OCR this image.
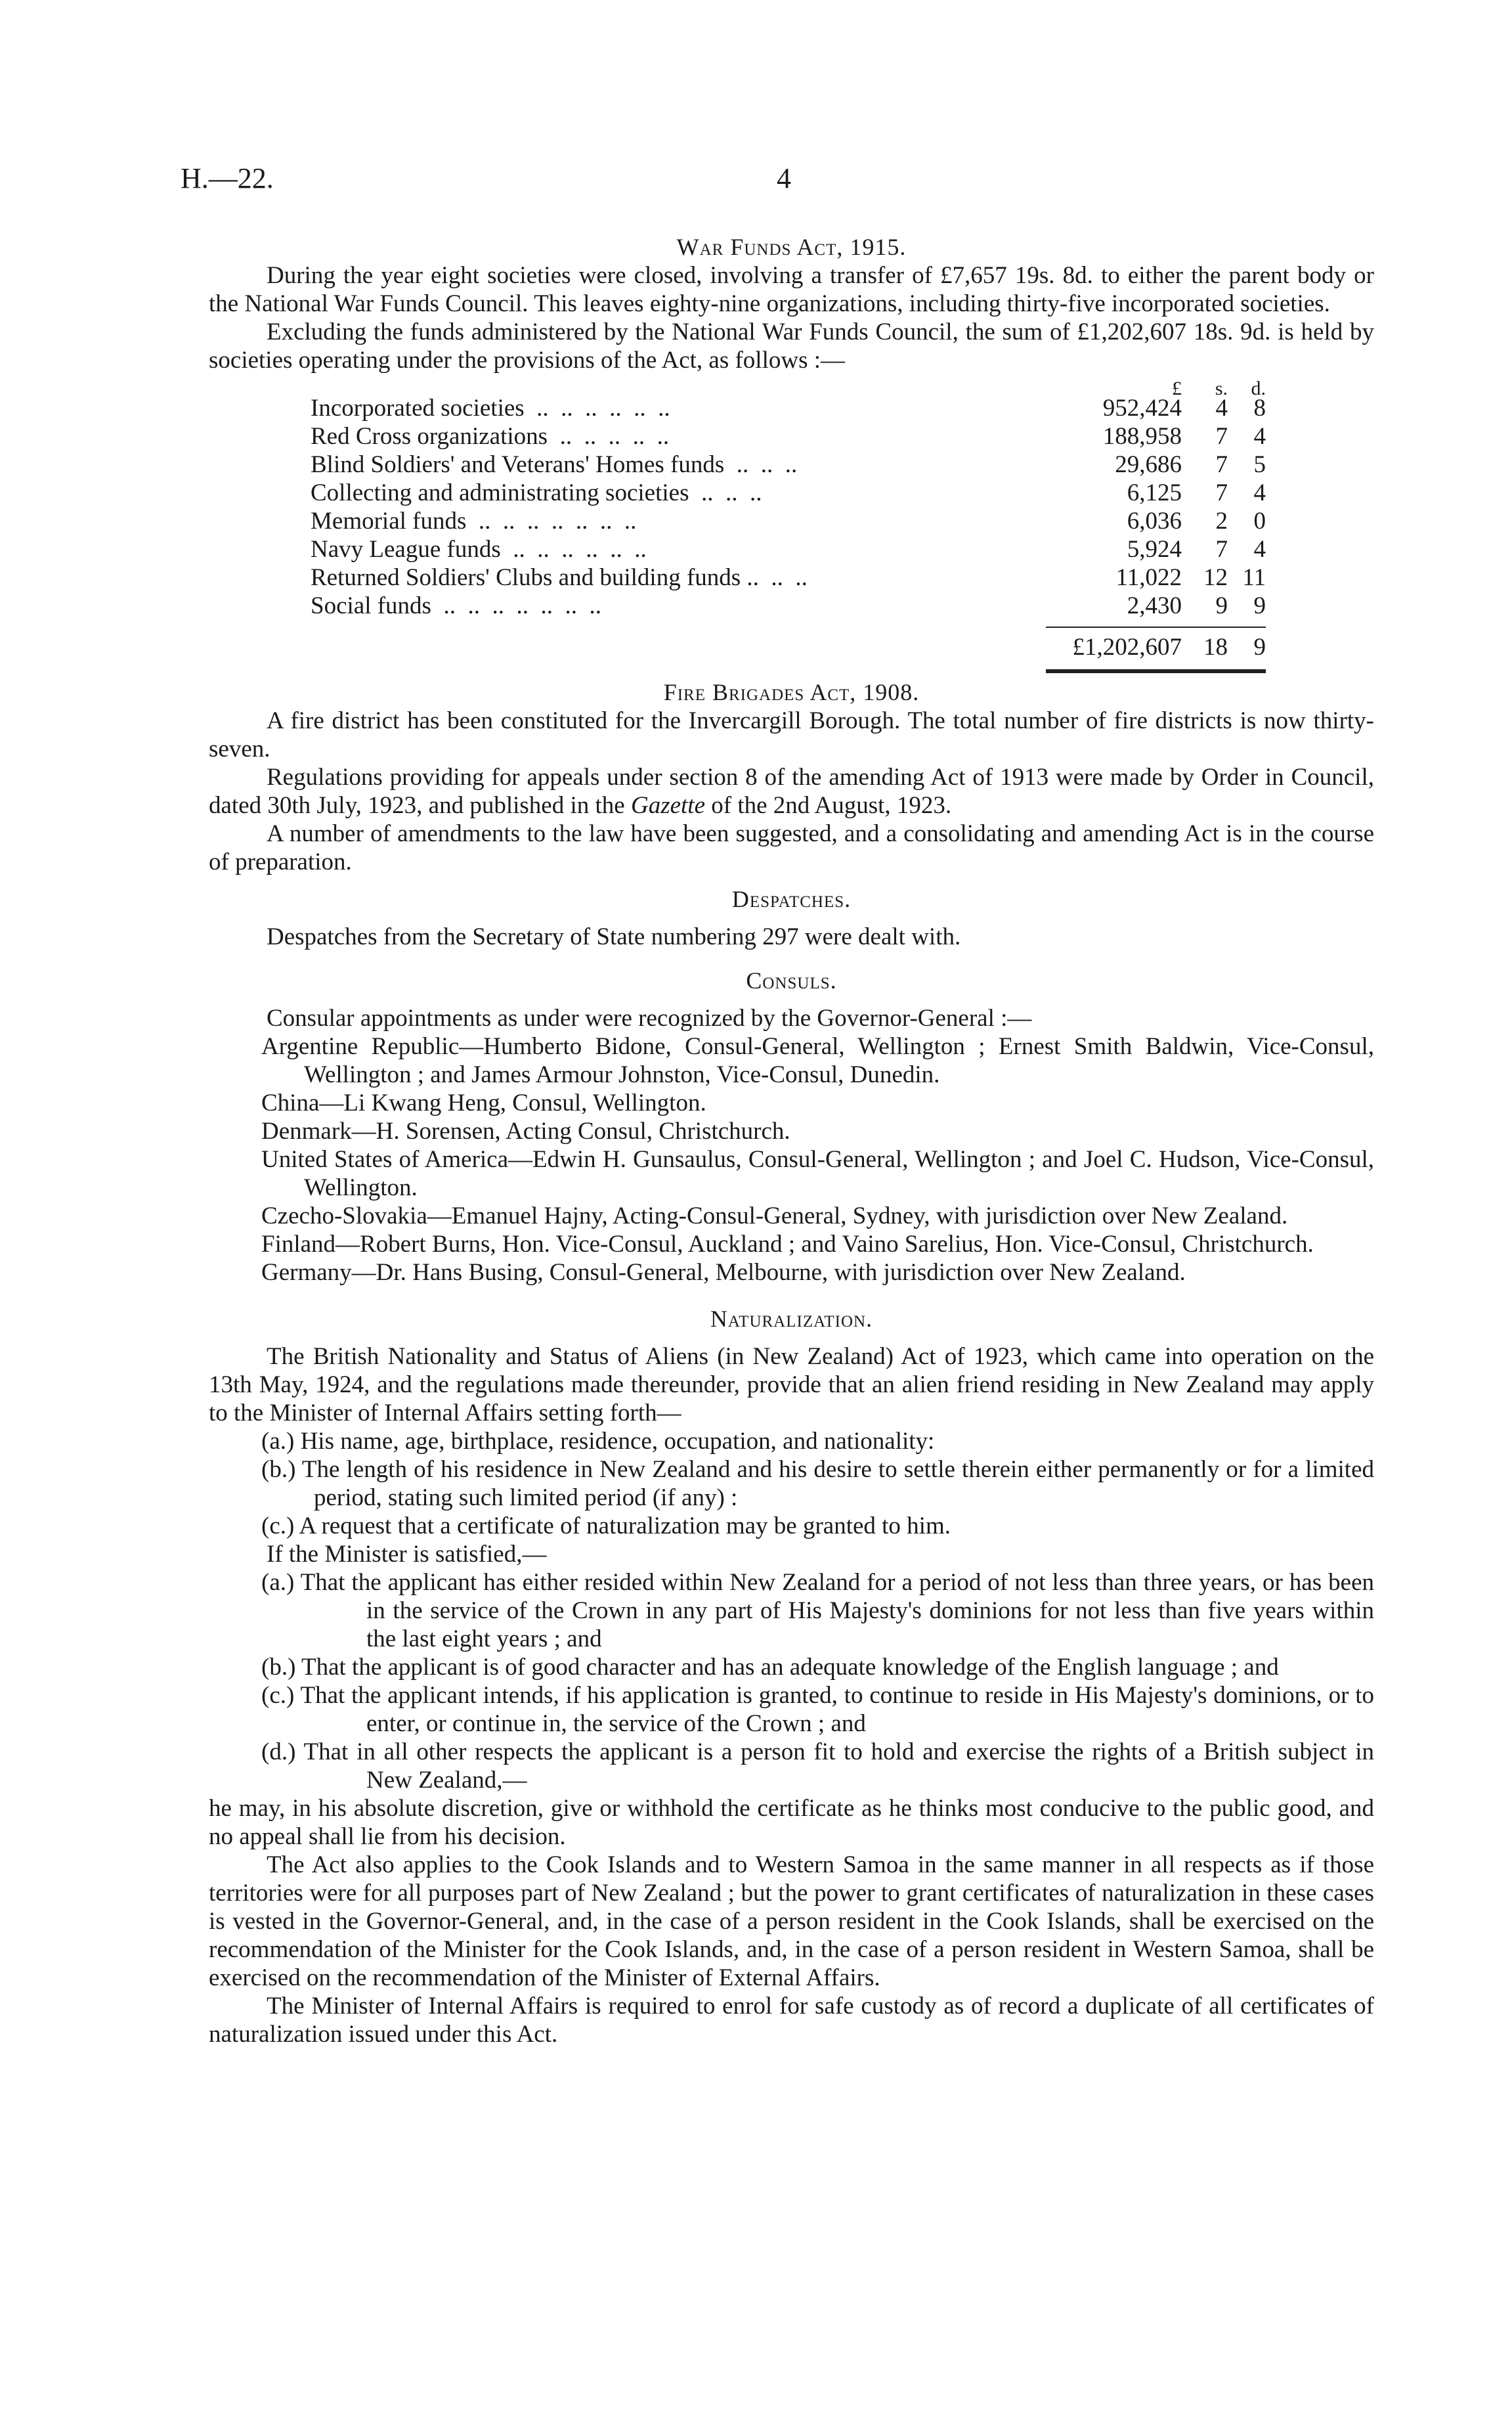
H.—22.	4

War Funds Act, 1915.

During the year eight societies were closed, involving a transfer of £7,657 19s. 8d. to either the parent body or the National War Funds Council. This leaves eighty-nine organizations, including thirty-five incorporated societies.

Excluding the funds administered by the National War Funds Council, the sum of £1,202,607 18s. 9d. is held by societies operating under the provisions of the Act, as follows :—

£	s.	d.
Incorporated societies  ..  ..  ..  ..  ..  ..	952,424	4	8
Red Cross organizations  ..  ..  ..  ..  ..	188,958	7	4
Blind Soldiers' and Veterans' Homes funds  ..  ..  ..	29,686	7	5
Collecting and administrating societies  ..  ..  ..	6,125	7	4
Memorial funds  ..  ..  ..  ..  ..  ..  ..	6,036	2	0
Navy League funds  ..  ..  ..  ..  ..  ..	5,924	7	4
Returned Soldiers' Clubs and building funds ..  ..  ..	11,022 12 11
Social funds  ..  ..  ..  ..  ..  ..  ..	2,430	9	9
£1,202,607 18	9

Fire Brigades Act, 1908.

A fire district has been constituted for the Invercargill Borough. The total number of fire districts is now thirty-seven.

Regulations providing for appeals under section 8 of the amending Act of 1913 were made by Order in Council, dated 30th July, 1923, and published in the Gazette of the 2nd August, 1923.

A number of amendments to the law have been suggested, and a consolidating and amending Act is in the course of preparation.

Despatches.

Despatches from the Secretary of State numbering 297 were dealt with.

Consuls.

Consular appointments as under were recognized by the Governor-General :—

Argentine Republic—Humberto Bidone, Consul-General, Wellington ; Ernest Smith Baldwin, Vice-Consul, Wellington ; and James Armour Johnston, Vice-Consul, Dunedin.

China—Li Kwang Heng, Consul, Wellington.

Denmark—H. Sorensen, Acting Consul, Christchurch.

United States of America—Edwin H. Gunsaulus, Consul-General, Wellington ; and Joel C. Hudson, Vice-Consul, Wellington.

Czecho-Slovakia—Emanuel Hajny, Acting-Consul-General, Sydney, with jurisdiction over New Zealand.

Finland—Robert Burns, Hon. Vice-Consul, Auckland ; and Vaino Sarelius, Hon. Vice-Consul, Christchurch.

Germany—Dr. Hans Busing, Consul-General, Melbourne, with jurisdiction over New Zealand.

Naturalization.

The British Nationality and Status of Aliens (in New Zealand) Act of 1923, which came into operation on the 13th May, 1924, and the regulations made thereunder, provide that an alien friend residing in New Zealand may apply to the Minister of Internal Affairs setting forth—

(a.) His name, age, birthplace, residence, occupation, and nationality:

(b.) The length of his residence in New Zealand and his desire to settle therein either permanently or for a limited period, stating such limited period (if any) :

(c.) A request that a certificate of naturalization may be granted to him.

If the Minister is satisfied,—

(a.) That the applicant has either resided within New Zealand for a period of not less than three years, or has been in the service of the Crown in any part of His Majesty's dominions for not less than five years within the last eight years ; and

(b.) That the applicant is of good character and has an adequate knowledge of the English language ; and

(c.) That the applicant intends, if his application is granted, to continue to reside in His Majesty's dominions, or to enter, or continue in, the service of the Crown ; and

(d.) That in all other respects the applicant is a person fit to hold and exercise the rights of a British subject in New Zealand,—

he may, in his absolute discretion, give or withhold the certificate as he thinks most conducive to the public good, and no appeal shall lie from his decision.

The Act also applies to the Cook Islands and to Western Samoa in the same manner in all respects as if those territories were for all purposes part of New Zealand ; but the power to grant certificates of naturalization in these cases is vested in the Governor-General, and, in the case of a person resident in the Cook Islands, shall be exercised on the recommendation of the Minister for the Cook Islands, and, in the case of a person resident in Western Samoa, shall be exercised on the recommendation of the Minister of External Affairs.

The Minister of Internal Affairs is required to enrol for safe custody as of record a duplicate of all certificates of naturalization issued under this Act.
